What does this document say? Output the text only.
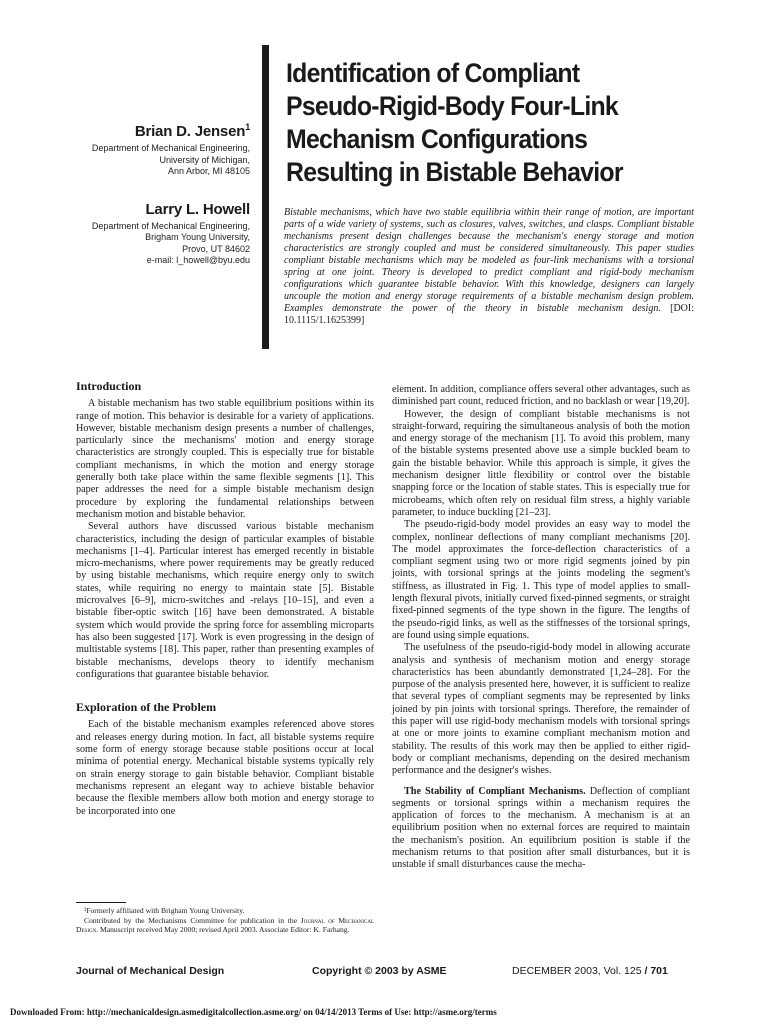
Brian D. Jensen$^1$
Department of Mechanical Engineering,
University of Michigan,
Ann Arbor, MI 48105
Larry L. Howell
Department of Mechanical Engineering,
Brigham Young University,
Provo, UT 84602
e-mail: l_howell@byu.edu
Identification of Compliant
Pseudo-Rigid-Body Four-Link
Mechanism Configurations
Resulting in Bistable Behavior

Bistable mechanisms, which have two stable equilibria within their range of motion, are important parts of a wide variety of systems, such as closures, valves, switches, and clasps. Compliant bistable mechanisms present design challenges because the mechanism's energy storage and motion characteristics are strongly coupled and must be considered simultaneously. This paper studies compliant bistable mechanisms which may be modeled as four-link mechanisms with a torsional spring at one joint. Theory is developed to predict compliant and rigid-body mechanism configurations which guarantee bistable behavior. With this knowledge, designers can largely uncouple the motion and energy storage requirements of a bistable mechanism design problem. Examples demonstrate the power of the theory in bistable mechanism design. [DOI: 10.1115/1.1625399]

Introduction

A bistable mechanism has two stable equilibrium positions within its range of motion. This behavior is desirable for a variety of applications. However, bistable mechanism design presents a number of challenges, particularly since the mechanisms' motion and energy storage characteristics are strongly coupled. This is especially true for bistable compliant mechanisms, in which the motion and energy storage generally both take place within the same flexible segments [1]. This paper addresses the need for a simple bistable mechanism design procedure by exploring the fundamental relationships between mechanism motion and bistable behavior.

Several authors have discussed various bistable mechanism characteristics, including the design of particular examples of bistable mechanisms [1–4]. Particular interest has emerged recently in bistable micro-mechanisms, where power requirements may be greatly reduced by using bistable mechanisms, which require energy only to switch states, while requiring no energy to maintain state [5]. Bistable microvalves [6–9], micro-switches and -relays [10–15], and even a bistable fiber-optic switch [16] have been demonstrated. A bistable system which would provide the spring force for assembling microparts has also been suggested [17]. Work is even progressing in the design of multistable systems [18]. This paper, rather than presenting examples of bistable mechanisms, develops theory to identify mechanism configurations that guarantee bistable behavior.

Exploration of the Problem

Each of the bistable mechanism examples referenced above stores and releases energy during motion. In fact, all bistable systems require some form of energy storage because stable positions occur at local minima of potential energy. Mechanical bistable systems typically rely on strain energy storage to gain bistable behavior. Compliant bistable mechanisms represent an elegant way to achieve bistable behavior because the flexible members allow both motion and energy storage to be incorporated into one

¹Formerly affiliated with Brigham Young University.

Contributed by the Mechanisms Committee for publication in the Journal of Mechanical Design. Manuscript received May 2000; revised April 2003. Associate Editor: K. Farhang.

element. In addition, compliance offers several other advantages, such as diminished part count, reduced friction, and no backlash or wear [19,20].

However, the design of compliant bistable mechanisms is not straight-forward, requiring the simultaneous analysis of both the motion and energy storage of the mechanism [1]. To avoid this problem, many of the bistable systems presented above use a simple buckled beam to gain the bistable behavior. While this approach is simple, it gives the mechanism designer little flexibility or control over the bistable snapping force or the location of stable states. This is especially true for microbeams, which often rely on residual film stress, a highly variable parameter, to induce buckling [21–23].

The pseudo-rigid-body model provides an easy way to model the complex, nonlinear deflections of many compliant mechanisms [20]. The model approximates the force-deflection characteristics of a compliant segment using two or more rigid segments joined by pin joints, with torsional springs at the joints modeling the segment's stiffness, as illustrated in Fig. 1. This type of model applies to small-length flexural pivots, initially curved fixed-pinned segments, or straight fixed-pinned segments of the type shown in the figure. The lengths of the pseudo-rigid links, as well as the stiffnesses of the torsional springs, are found using simple equations.

The usefulness of the pseudo-rigid-body model in allowing accurate analysis and synthesis of mechanism motion and energy storage characteristics has been abundantly demonstrated [1,24–28]. For the purpose of the analysis presented here, however, it is sufficient to realize that several types of compliant segments may be represented by links joined by pin joints with torsional springs. Therefore, the remainder of this paper will use rigid-body mechanism models with torsional springs at one or more joints to examine compliant mechanism motion and stability. The results of this work may then be applied to either rigid-body or compliant mechanisms, depending on the desired mechanism performance and the designer's wishes.

The Stability of Compliant Mechanisms. Deflection of compliant segments or torsional springs within a mechanism requires the application of forces to the mechanism. A mechanism is at an equilibrium position when no external forces are required to maintain the mechanism's position. An equilibrium position is stable if the mechanism returns to that position after small disturbances, but it is unstable if small disturbances cause the mecha-

Journal of Mechanical Design	Copyright © 2003 by ASME	DECEMBER 2003, Vol. 125 / 701
Downloaded From: http://mechanicaldesign.asmedigitalcollection.asme.org/ on 04/14/2013 Terms of Use: http://asme.org/terms
